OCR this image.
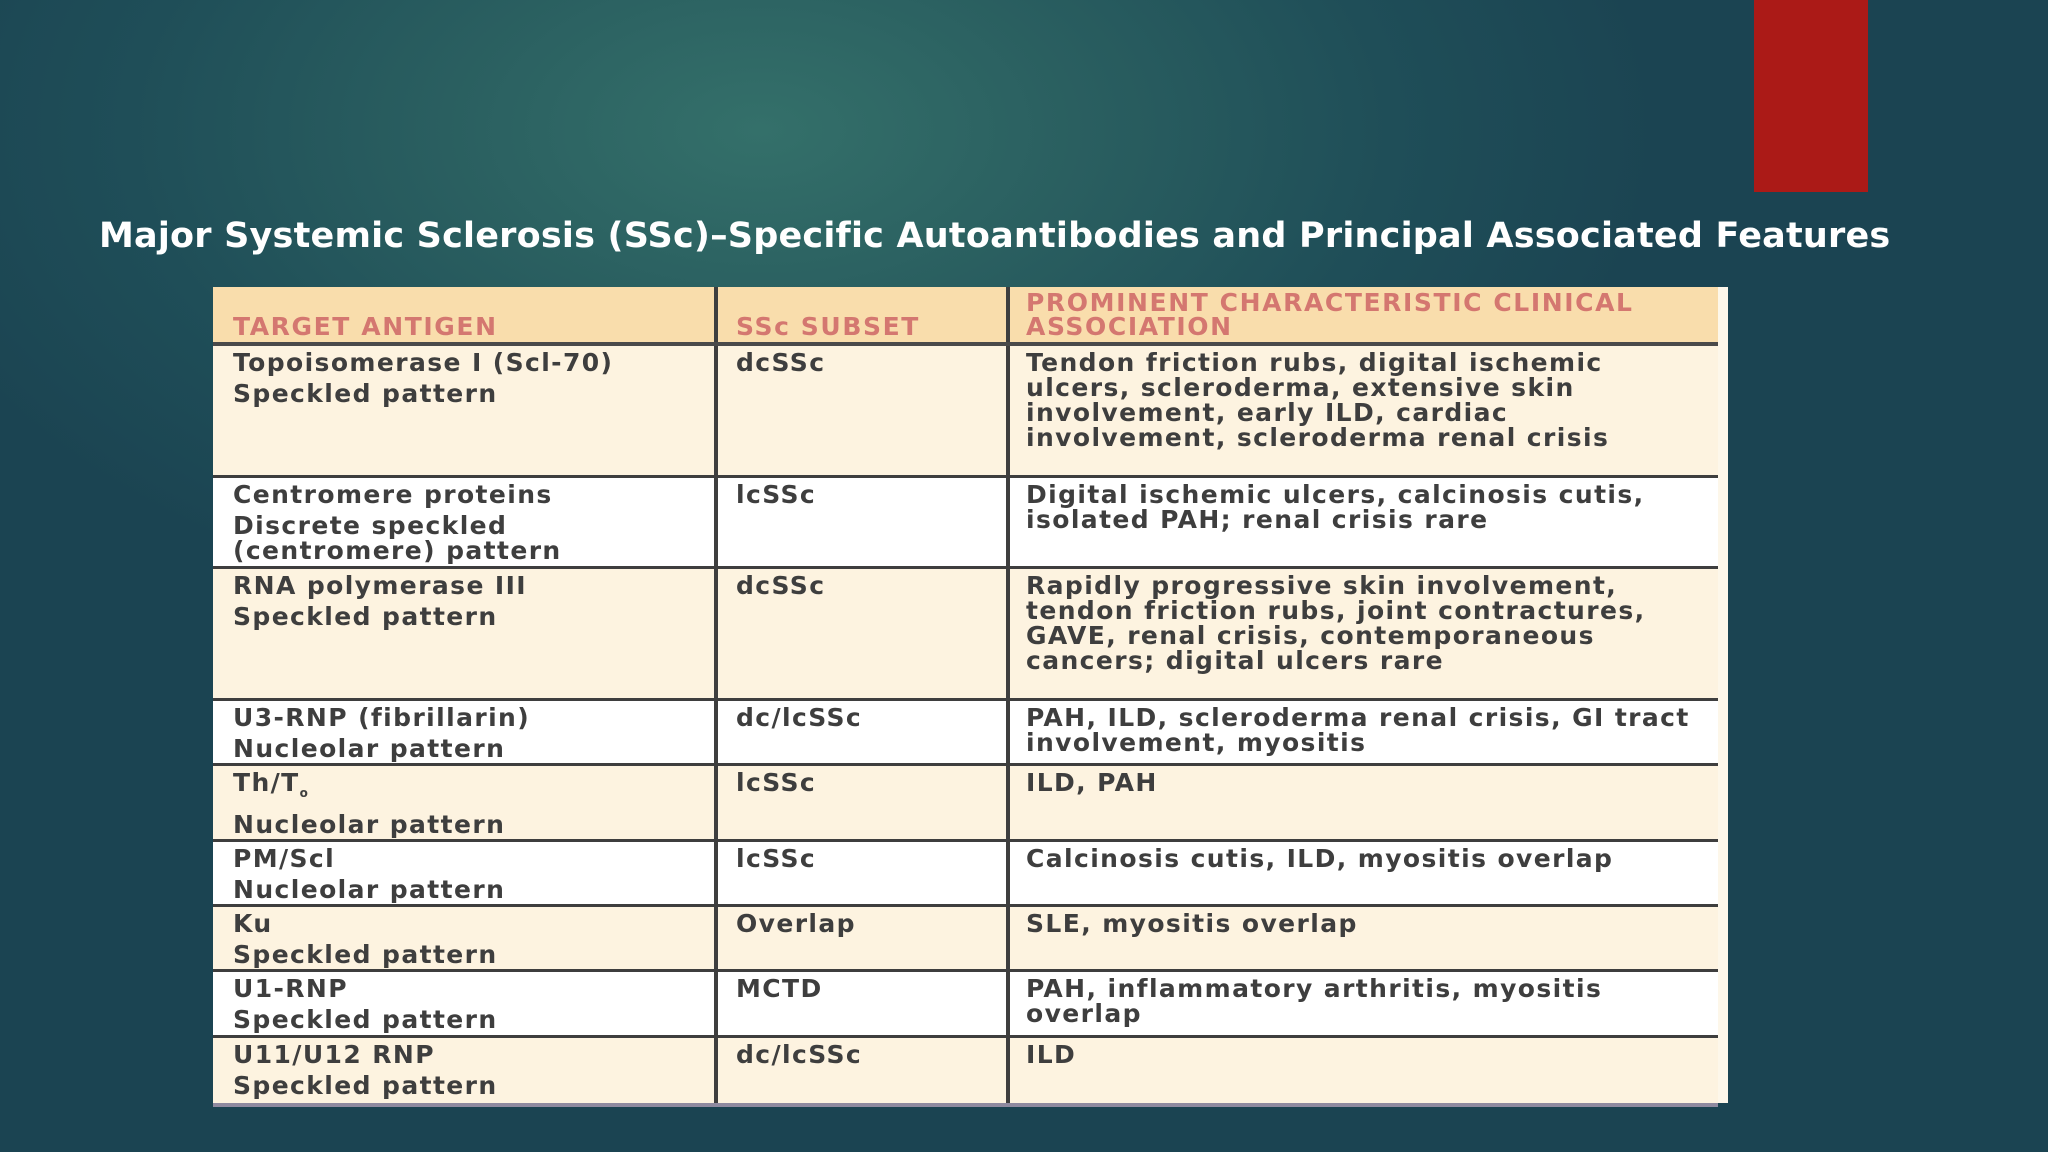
Major Systemic Sclerosis (SSc)–Specific Autoantibodies and Principal Associated Features
TARGET ANTIGEN	SSc SUBSET	PROMINENT CHARACTERISTIC CLINICAL ASSOCIATION

Topoisomerase I (Scl-70)
Speckled pattern	dcSSc	Tendon friction rubs, digital ischemic ulcers, scleroderma, extensive skin involvement, early ILD, cardiac involvement, scleroderma renal crisis

Centromere proteins
Discrete speckled (centromere) pattern	lcSSc	Digital ischemic ulcers, calcinosis cutis, isolated PAH; renal crisis rare

RNA polymerase III
Speckled pattern	dcSSc	Rapidly progressive skin involvement, tendon friction rubs, joint contractures, GAVE, renal crisis, contemporaneous cancers; digital ulcers rare

U3-RNP (fibrillarin)
Nucleolar pattern	dc/lcSSc	PAH, ILD, scleroderma renal crisis, GI tract involvement, myositis

$Th/T_o$
Nucleolar pattern	lcSSc	ILD, PAH

PM/Scl
Nucleolar pattern	lcSSc	Calcinosis cutis, ILD, myositis overlap

Ku
Speckled pattern	Overlap	SLE, myositis overlap

U1-RNP
Speckled pattern	MCTD	PAH, inflammatory arthritis, myositis overlap

U11/U12 RNP
Speckled pattern	dc/lcSSc	ILD
